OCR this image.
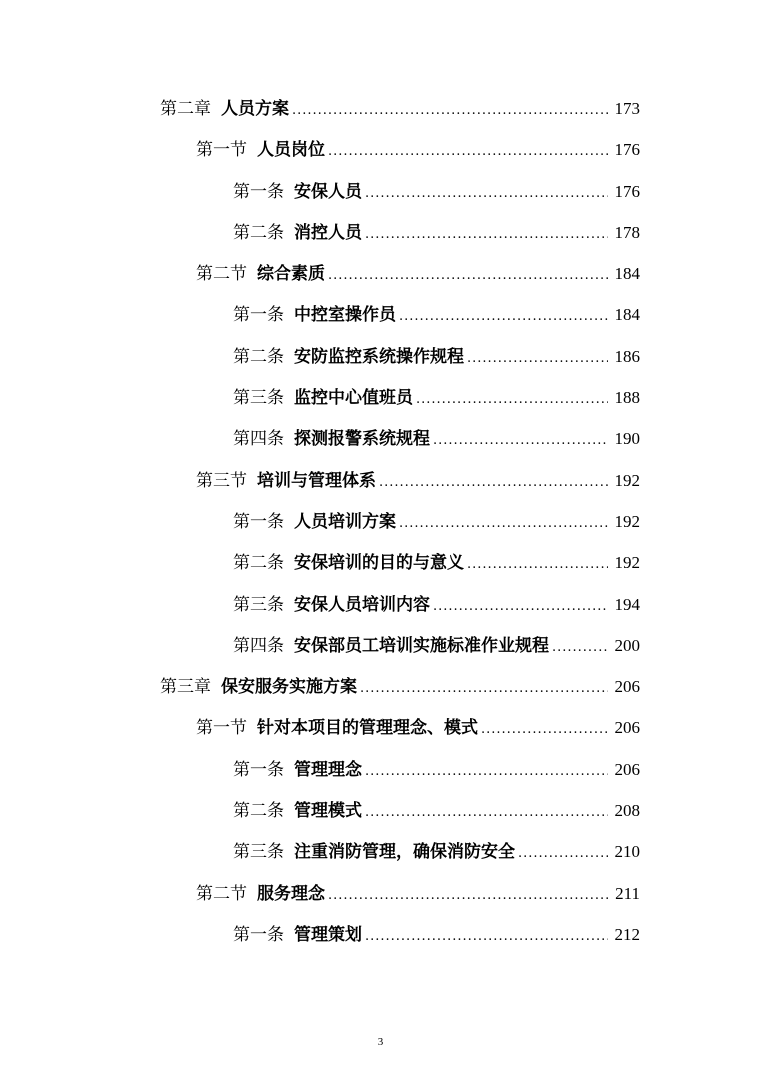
第二章 人员方案 .....	173
第一节 人员岗位 .....	176
第一条 安保人员 .....	176
第二条 消控人员 .....	178
第二节 综合素质 .....	184
第一条 中控室操作员 .....	184
第二条 安防监控系统操作规程 .....	186
第三条 监控中心值班员 .....	188
第四条 探测报警系统规程 .....	190
第三节 培训与管理体系 .....	192
第一条 人员培训方案 .....	192
第二条 安保培训的目的与意义 .....	192
第三条 安保人员培训内容 .....	194
第四条 安保部员工培训实施标准作业规程 .....	200
第三章 保安服务实施方案 .....	206
第一节 针对本项目的管理理念、模式 .....	206
第一条 管理理念 .....	206
第二条 管理模式 .....	208
第三条 注重消防管理，确保消防安全 .....	210
第二节 服务理念 .....	211
第一条 管理策划 .....	212
3
